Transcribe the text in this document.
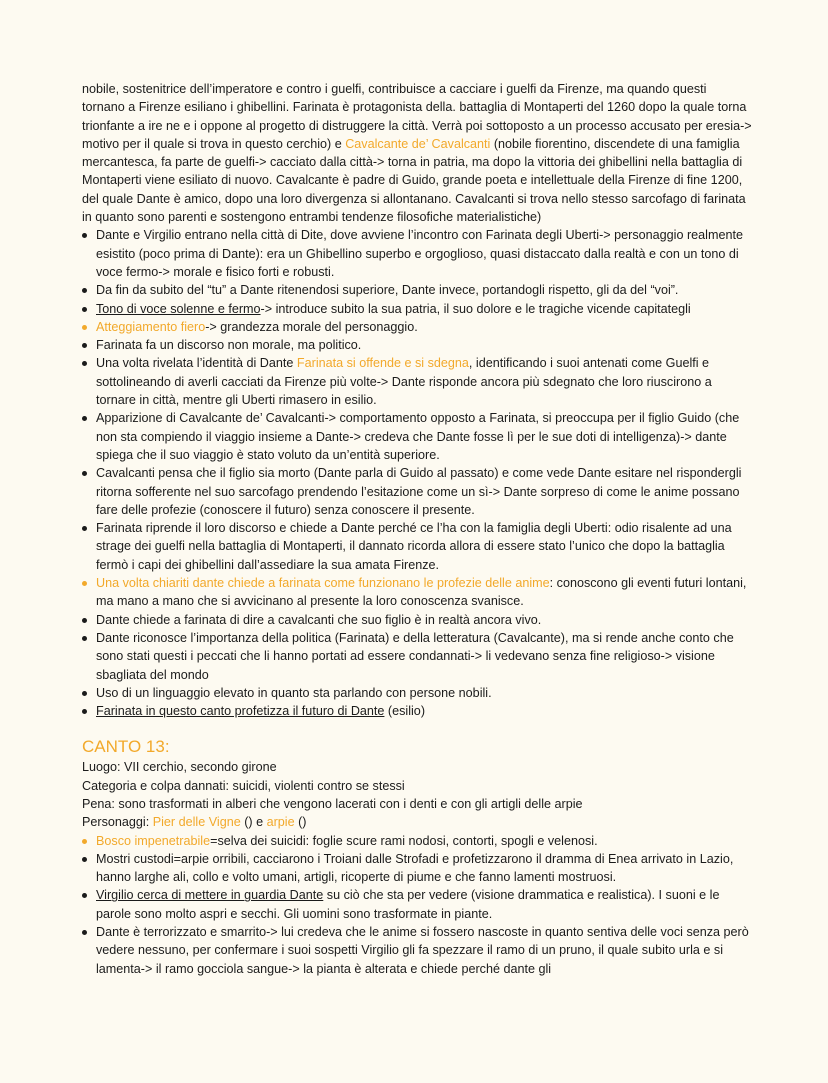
nobile, sostenitrice dell’imperatore e contro i guelfi, contribuisce a cacciare i guelfi da Firenze, ma quando questi tornano a Firenze esiliano i ghibellini. Farinata è protagonista della. battaglia di Montaperti del 1260 dopo la quale torna trionfante a ire ne e i oppone al progetto di distruggere la città. Verrà poi sottoposto a un processo accusato per eresia-> motivo per il quale si trova in questo cerchio) e Cavalcante de’ Cavalcanti (nobile fiorentino, discendete di una famiglia mercantesca, fa parte de guelfi-> cacciato dalla città-> torna in patria, ma dopo la vittoria dei ghibellini nella battaglia di Montaperti viene esiliato di nuovo. Cavalcante è padre di Guido, grande poeta e intellettuale della Firenze di fine 1200, del quale Dante è amico, dopo una loro divergenza si allontanano. Cavalcanti si trova nello stesso sarcofago di farinata in quanto sono parenti e sostengono entrambi tendenze filosofiche materialistiche)

Dante e Virgilio entrano nella città di Dite, dove avviene l’incontro con Farinata degli Uberti-> personaggio realmente esistito (poco prima di Dante): era un Ghibellino superbo e orgoglioso, quasi distaccato dalla realtà e con un tono di voce fermo-> morale e fisico forti e robusti.
Da fin da subito del “tu” a Dante ritenendosi superiore, Dante invece, portandogli rispetto, gli da del “voi”.
Tono di voce solenne e fermo-> introduce subito la sua patria, il suo dolore e le tragiche vicende capitategli
Atteggiamento fiero-> grandezza morale del personaggio.
Farinata fa un discorso non morale, ma politico.
Una volta rivelata l’identità di Dante Farinata si offende e si sdegna, identificando i suoi antenati come Guelfi e sottolineando di averli cacciati da Firenze più volte-> Dante risponde ancora più sdegnato che loro riuscirono a tornare in città, mentre gli Uberti rimasero in esilio.
Apparizione di Cavalcante de’ Cavalcanti-> comportamento opposto a Farinata, si preoccupa per il figlio Guido (che non sta compiendo il viaggio insieme a Dante-> credeva che Dante fosse lì per le sue doti di intelligenza)-> dante spiega che il suo viaggio è stato voluto da un’entità superiore.
Cavalcanti pensa che il figlio sia morto (Dante parla di Guido al passato) e come vede Dante esitare nel rispondergli ritorna sofferente nel suo sarcofago prendendo l’esitazione come un sì-> Dante sorpreso di come le anime possano fare delle profezie (conoscere il futuro) senza conoscere il presente.
Farinata riprende il loro discorso e chiede a Dante perché ce l’ha con la famiglia degli Uberti: odio risalente ad una strage dei guelfi nella battaglia di Montaperti, il dannato ricorda allora di essere stato l’unico che dopo la battaglia fermò i capi dei ghibellini dall’assediare la sua amata Firenze.
Una volta chiariti dante chiede a farinata come funzionano le profezie delle anime: conoscono gli eventi futuri lontani, ma mano a mano che si avvicinano al presente la loro conoscenza svanisce.
Dante chiede a farinata di dire a cavalcanti che suo figlio è in realtà ancora vivo.
Dante riconosce l’importanza della politica (Farinata) e della letteratura (Cavalcante), ma si rende anche conto che sono stati questi i peccati che li hanno portati ad essere condannati-> li vedevano senza fine religioso-> visione sbagliata del mondo
Uso di un linguaggio elevato in quanto sta parlando con persone nobili.
Farinata in questo canto profetizza il futuro di Dante (esilio)
CANTO 13:

Luogo: VII cerchio, secondo girone

Categoria e colpa dannati: suicidi, violenti contro se stessi

Pena: sono trasformati in alberi che vengono lacerati con i denti e con gli artigli delle arpie

Personaggi: Pier delle Vigne () e arpie ()

Bosco impenetrabile=selva dei suicidi: foglie scure rami nodosi, contorti, spogli e velenosi.
Mostri custodi=arpie orribili, cacciarono i Troiani dalle Strofadi e profetizzarono il dramma di Enea arrivato in Lazio, hanno larghe ali, collo e volto umani, artigli, ricoperte di piume e che fanno lamenti mostruosi.
Virgilio cerca di mettere in guardia Dante su ciò che sta per vedere (visione drammatica e realistica). I suoni e le parole sono molto aspri e secchi. Gli uomini sono trasformate in piante.
Dante è terrorizzato e smarrito-> lui credeva che le anime si fossero nascoste in quanto sentiva delle voci senza però vedere nessuno, per confermare i suoi sospetti Virgilio gli fa spezzare il ramo di un pruno, il quale subito urla e si lamenta-> il ramo gocciola sangue-> la pianta è alterata e chiede perché dante gli
